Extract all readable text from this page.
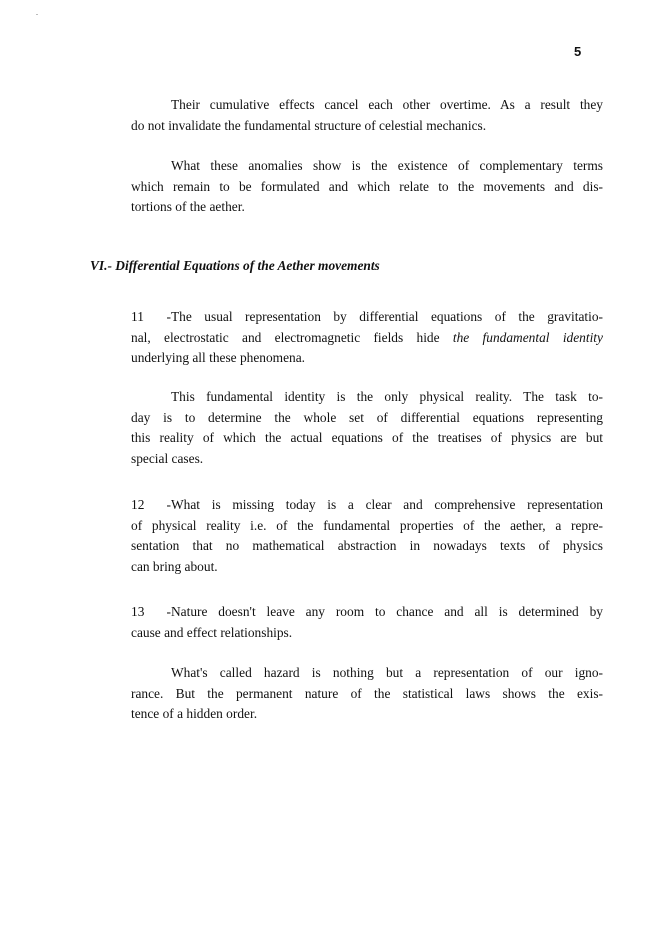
5

Their cumulative effects cancel each other overtime. As a result they
do not invalidate the fundamental structure of celestial mechanics.

What these anomalies show is the existence of complementary terms
which remain to be formulated and which relate to the movements and dis-
tortions of the aether.

VI.- Differential Equations of the Aether movements

11 -The usual representation by differential equations of the gravitatio-
nal, electrostatic and electromagnetic fields hide the fundamental identity
underlying all these phenomena.

This fundamental identity is the only physical reality. The task to-
day is to determine the whole set of differential equations representing
this reality of which the actual equations of the treatises of physics are but
special cases.

12 -What is missing today is a clear and comprehensive representation
of physical reality i.e. of the fundamental properties of the aether, a repre-
sentation that no mathematical abstraction in nowadays texts of physics
can bring about.

13 -Nature doesn't leave any room to chance and all is determined by
cause and effect relationships.

What's called hazard is nothing but a representation of our igno-
rance. But the permanent nature of the statistical laws shows the exis-
tence of a hidden order.
